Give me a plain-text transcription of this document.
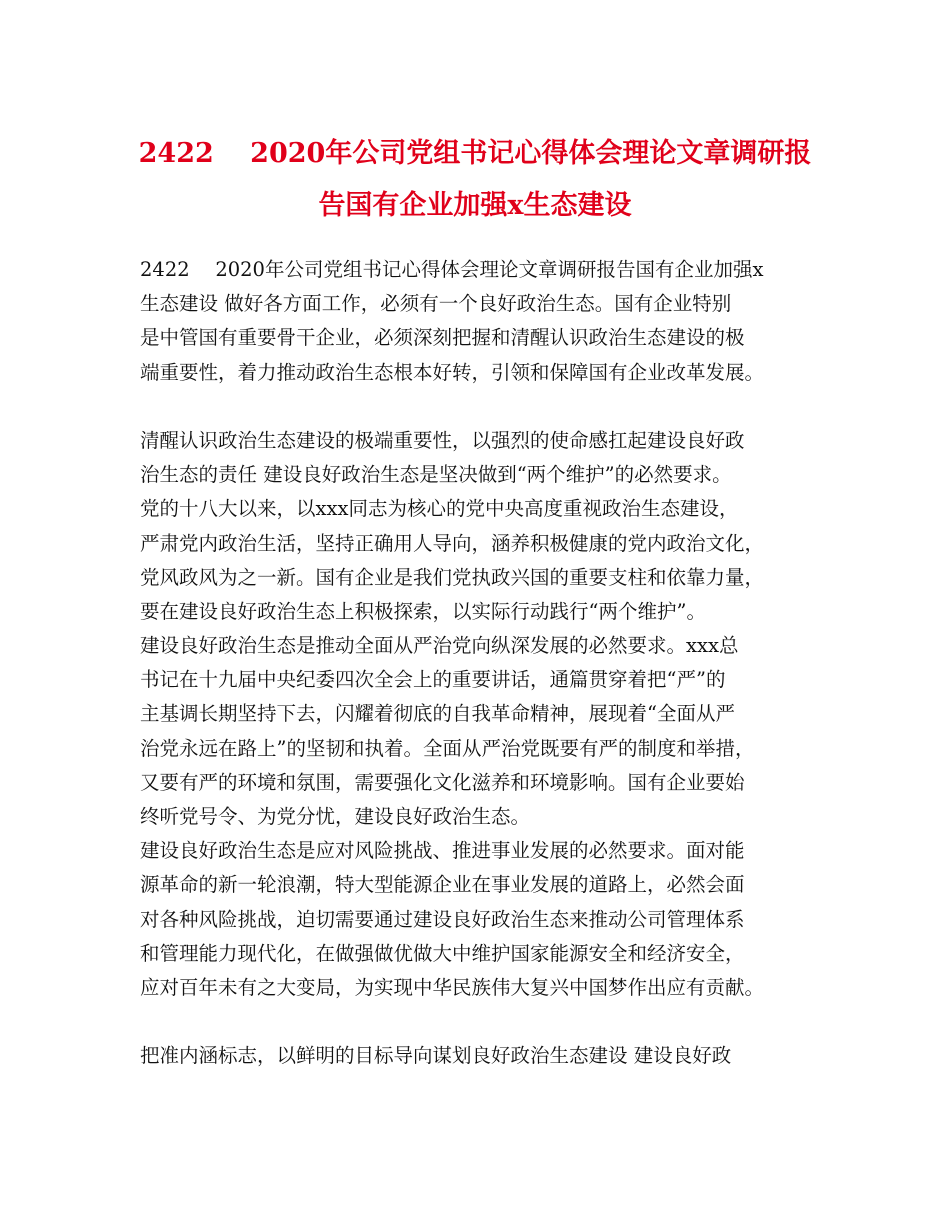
2422　 2020年公司党组书记心得体会理论文章调研报
告国有企业加强x生态建设
2422　 2020年公司党组书记心得体会理论文章调研报告国有企业加强x
生态建设 做好各方面工作，必须有一个良好政治生态。国有企业特别
是中管国有重要骨干企业，必须深刻把握和清醒认识政治生态建设的极
端重要性，着力推动政治生态根本好转，引领和保障国有企业改革发展。
清醒认识政治生态建设的极端重要性，以强烈的使命感扛起建设良好政
治生态的责任 建设良好政治生态是坚决做到“两个维护”的必然要求。
党的十八大以来，以xxx同志为核心的党中央高度重视政治生态建设，
严肃党内政治生活，坚持正确用人导向，涵养积极健康的党内政治文化，
党风政风为之一新。国有企业是我们党执政兴国的重要支柱和依靠力量，
要在建设良好政治生态上积极探索，以实际行动践行“两个维护”。
建设良好政治生态是推动全面从严治党向纵深发展的必然要求。xxx总
书记在十九届中央纪委四次全会上的重要讲话，通篇贯穿着把“严”的
主基调长期坚持下去，闪耀着彻底的自我革命精神，展现着“全面从严
治党永远在路上”的坚韧和执着。全面从严治党既要有严的制度和举措，
又要有严的环境和氛围，需要强化文化滋养和环境影响。国有企业要始
终听党号令、为党分忧，建设良好政治生态。
建设良好政治生态是应对风险挑战、推进事业发展的必然要求。面对能
源革命的新一轮浪潮，特大型能源企业在事业发展的道路上，必然会面
对各种风险挑战，迫切需要通过建设良好政治生态来推动公司管理体系
和管理能力现代化，在做强做优做大中维护国家能源安全和经济安全，
应对百年未有之大变局，为实现中华民族伟大复兴中国梦作出应有贡献。
把准内涵标志，以鲜明的目标导向谋划良好政治生态建设 建设良好政
